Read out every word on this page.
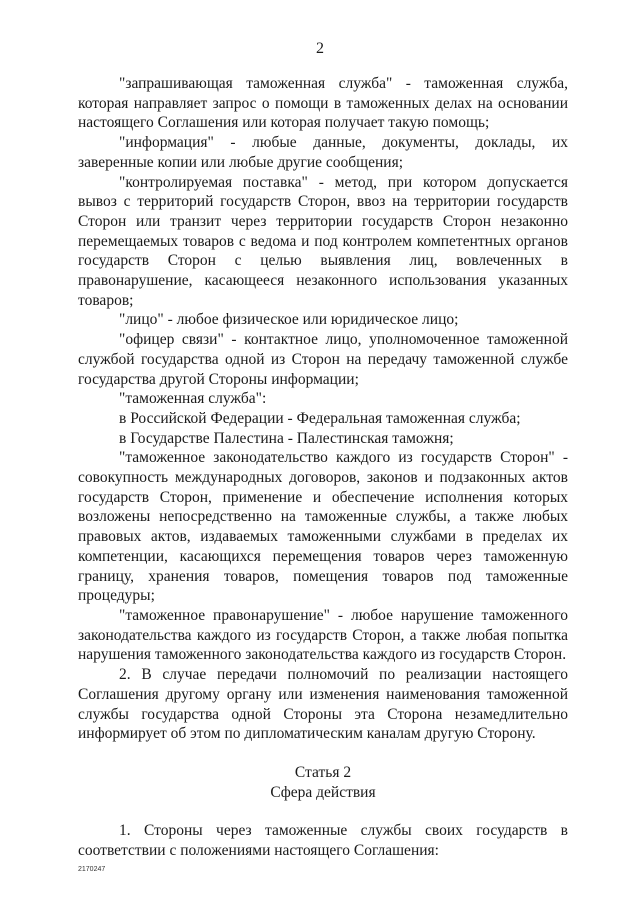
2

"запрашивающая таможенная служба" - таможенная служба, которая направляет запрос о помощи в таможенных делах на основании настоящего Соглашения или которая получает такую помощь;

"информация" - любые данные, документы, доклады, их заверенные копии или любые другие сообщения;

"контролируемая поставка" - метод, при котором допускается вывоз с территорий государств Сторон, ввоз на территории государств Сторон или транзит через территории государств Сторон незаконно перемещаемых товаров с ведома и под контролем компетентных органов государств Сторон с целью выявления лиц, вовлеченных в правонарушение, касающееся незаконного использования указанных товаров;

"лицо" - любое физическое или юридическое лицо;

"офицер связи" - контактное лицо, уполномоченное таможенной службой государства одной из Сторон на передачу таможенной службе государства другой Стороны информации;

"таможенная служба":

в Российской Федерации - Федеральная таможенная служба;

в Государстве Палестина - Палестинская таможня;

"таможенное законодательство каждого из государств Сторон" - совокупность международных договоров, законов и подзаконных актов государств Сторон, применение и обеспечение исполнения которых возложены непосредственно на таможенные службы, а также любых правовых актов, издаваемых таможенными службами в пределах их компетенции, касающихся перемещения товаров через таможенную границу, хранения товаров, помещения товаров под таможенные процедуры;

"таможенное правонарушение" - любое нарушение таможенного законодательства каждого из государств Сторон, а также любая попытка нарушения таможенного законодательства каждого из государств Сторон.

2. В случае передачи полномочий по реализации настоящего Соглашения другому органу или изменения наименования таможенной службы государства одной Стороны эта Сторона незамедлительно информирует об этом по дипломатическим каналам другую Сторону.

Статья 2

Сфера действия

1. Стороны через таможенные службы своих государств в соответствии с положениями настоящего Соглашения:

2170247
